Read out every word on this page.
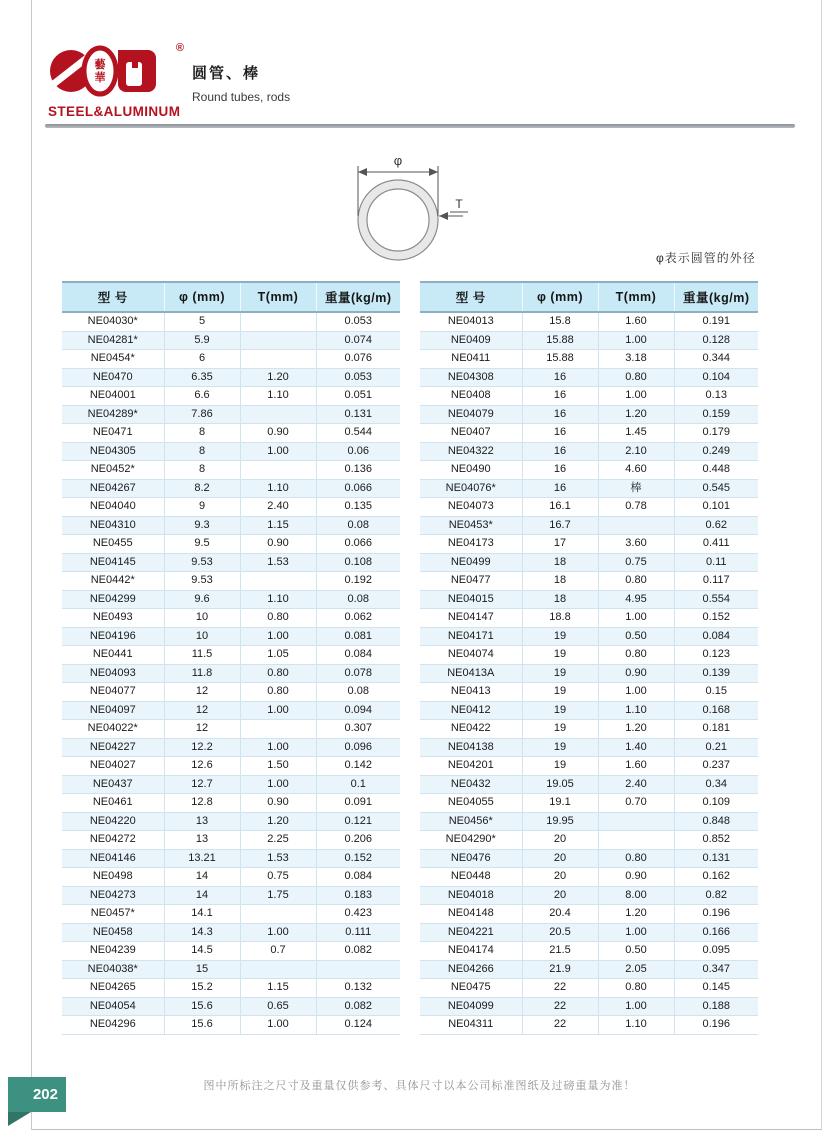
®
藝
華
STEEL&ALUMINUM
圆管、棒
Round tubes, rods
φ
T
φ表示圆管的外径
型 号	φ (mm)	T(mm)	重量(kg/m)
NE04030*	5		0.053
NE04281*	5.9		0.074
NE0454*	6		0.076
NE0470	6.35	1.20	0.053
NE04001	6.6	1.10	0.051
NE04289*	7.86		0.131
NE0471	8	0.90	0.544
NE04305	8	1.00	0.06
NE0452*	8		0.136
NE04267	8.2	1.10	0.066
NE04040	9	2.40	0.135
NE04310	9.3	1.15	0.08
NE0455	9.5	0.90	0.066
NE04145	9.53	1.53	0.108
NE0442*	9.53		0.192
NE04299	9.6	1.10	0.08
NE0493	10	0.80	0.062
NE04196	10	1.00	0.081
NE0441	11.5	1.05	0.084
NE04093	11.8	0.80	0.078
NE04077	12	0.80	0.08
NE04097	12	1.00	0.094
NE04022*	12		0.307
NE04227	12.2	1.00	0.096
NE04027	12.6	1.50	0.142
NE0437	12.7	1.00	0.1
NE0461	12.8	0.90	0.091
NE04220	13	1.20	0.121
NE04272	13	2.25	0.206
NE04146	13.21	1.53	0.152
NE0498	14	0.75	0.084
NE04273	14	1.75	0.183
NE0457*	14.1		0.423
NE0458	14.3	1.00	0.111
NE04239	14.5	0.7	0.082
NE04038*	15		
NE04265	15.2	1.15	0.132
NE04054	15.6	0.65	0.082
NE04296	15.6	1.00	0.124
型 号	φ (mm)	T(mm)	重量(kg/m)
NE04013	15.8	1.60	0.191
NE0409	15.88	1.00	0.128
NE0411	15.88	3.18	0.344
NE04308	16	0.80	0.104
NE0408	16	1.00	0.13
NE04079	16	1.20	0.159
NE0407	16	1.45	0.179
NE04322	16	2.10	0.249
NE0490	16	4.60	0.448
NE04076*	16	棒	0.545
NE04073	16.1	0.78	0.101
NE0453*	16.7		0.62
NE04173	17	3.60	0.411
NE0499	18	0.75	0.11
NE0477	18	0.80	0.117
NE04015	18	4.95	0.554
NE04147	18.8	1.00	0.152
NE04171	19	0.50	0.084
NE04074	19	0.80	0.123
NE0413A	19	0.90	0.139
NE0413	19	1.00	0.15
NE0412	19	1.10	0.168
NE0422	19	1.20	0.181
NE04138	19	1.40	0.21
NE04201	19	1.60	0.237
NE0432	19.05	2.40	0.34
NE04055	19.1	0.70	0.109
NE0456*	19.95		0.848
NE04290*	20		0.852
NE0476	20	0.80	0.131
NE0448	20	0.90	0.162
NE04018	20	8.00	0.82
NE04148	20.4	1.20	0.196
NE04221	20.5	1.00	0.166
NE04174	21.5	0.50	0.095
NE04266	21.9	2.05	0.347
NE0475	22	0.80	0.145
NE04099	22	1.00	0.188
NE04311	22	1.10	0.196
202	图中所标注之尺寸及重量仅供参考、具体尺寸以本公司标准图纸及过磅重量为准！
